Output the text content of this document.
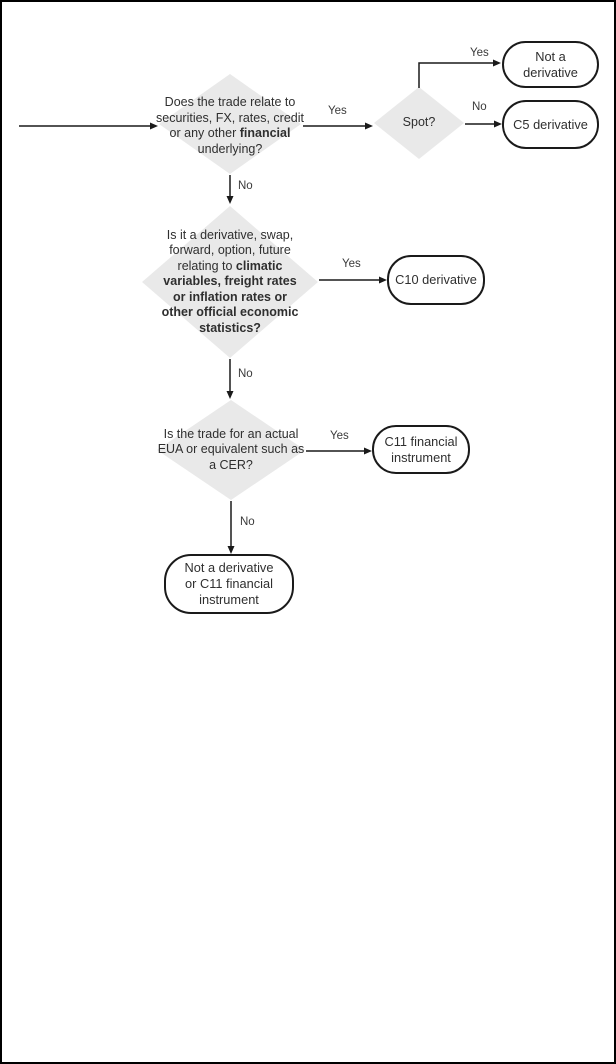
Does the trade relate to securities, FX, rates, credit or any other financial underlying?
Spot?
Is it a derivative, swap, forward, option, future relating to climatic variables, freight rates or inflation rates or other official economic statistics?
Is the trade for an actual EUA or equivalent such as a CER?
Not a derivative
C5 derivative
C10 derivative
C11 financial instrument
Not a derivative or C11 financial instrument
Yes
No
Yes
No
Yes
No
Yes
No
